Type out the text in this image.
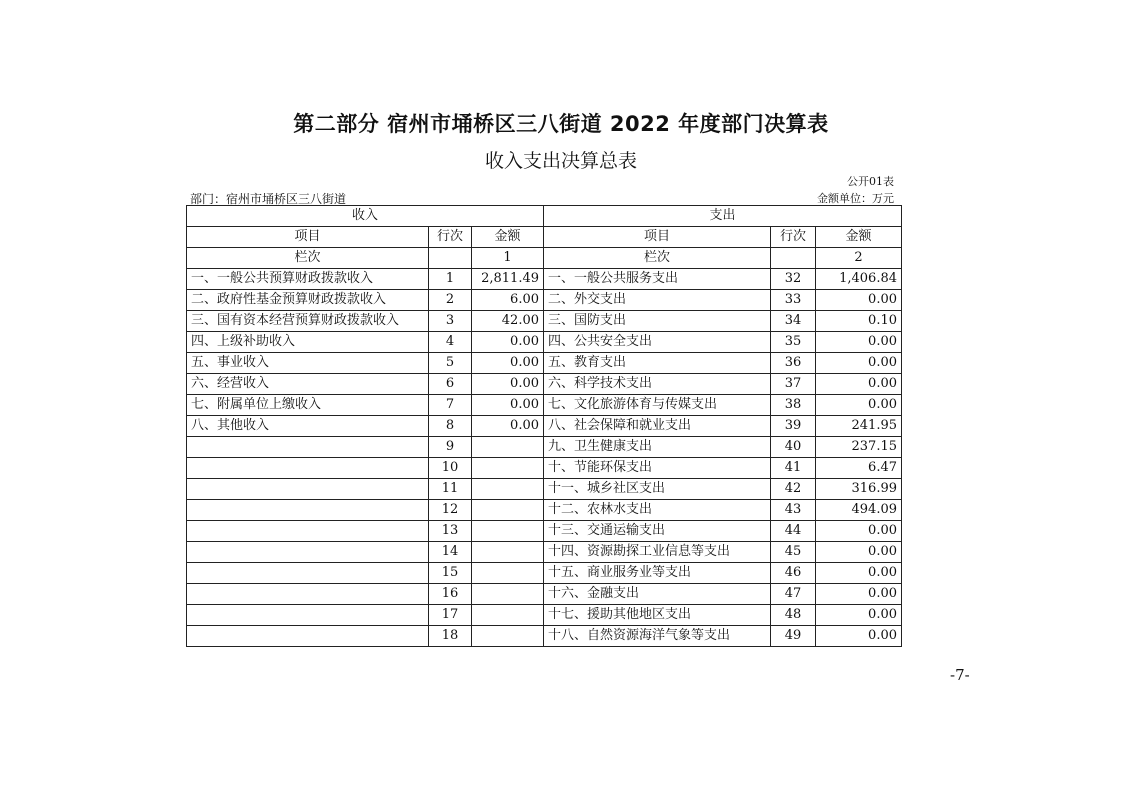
第二部分 宿州市埇桥区三八街道 2022 年度部门决算表
收入支出决算总表
公开01表
部门：宿州市埇桥区三八街道	金额单位：万元
收入			支出		
项目	行次	金额	项目	行次	金额
栏次		1	栏次		2
一、一般公共预算财政拨款收入	1	2,811.49	一、一般公共服务支出	32	1,406.84
二、政府性基金预算财政拨款收入	2	6.00	二、外交支出	33	0.00
三、国有资本经营预算财政拨款收入	3	42.00	三、国防支出	34	0.10
四、上级补助收入	4	0.00	四、公共安全支出	35	0.00
五、事业收入	5	0.00	五、教育支出	36	0.00
六、经营收入	6	0.00	六、科学技术支出	37	0.00
七、附属单位上缴收入	7	0.00	七、文化旅游体育与传媒支出	38	0.00
八、其他收入	8	0.00	八、社会保障和就业支出	39	241.95
	9		九、卫生健康支出	40	237.15
	10		十、节能环保支出	41	6.47
	11		十一、城乡社区支出	42	316.99
	12		十二、农林水支出	43	494.09
	13		十三、交通运输支出	44	0.00
	14		十四、资源勘探工业信息等支出	45	0.00
	15		十五、商业服务业等支出	46	0.00
	16		十六、金融支出	47	0.00
	17		十七、援助其他地区支出	48	0.00
	18		十八、自然资源海洋气象等支出	49	0.00
-7-
